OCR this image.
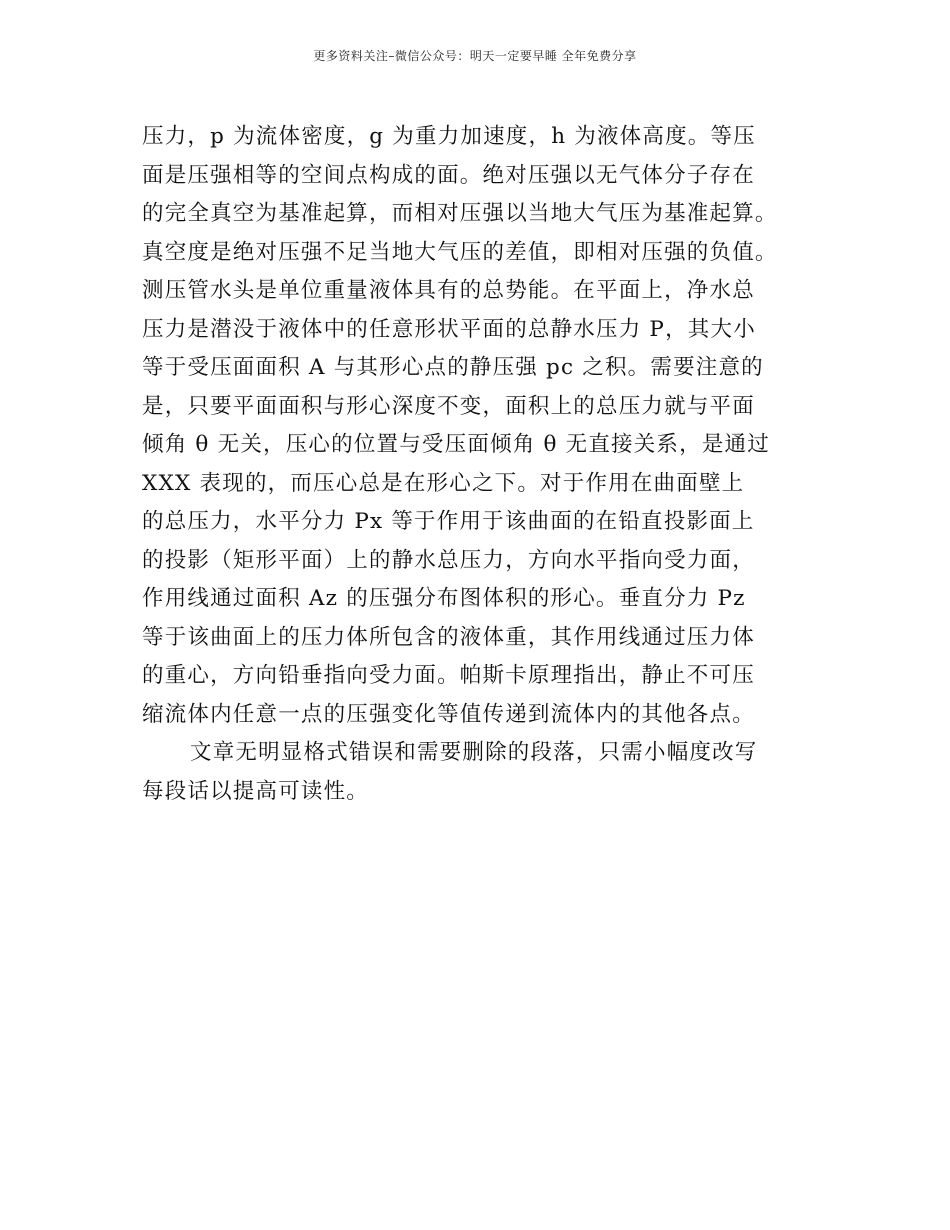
更多资料关注–微信公众号：明天一定要早睡 全年免费分享
压力，p 为流体密度，g 为重力加速度，h 为液体高度。等压
面是压强相等的空间点构成的面。绝对压强以无气体分子存在
的完全真空为基准起算，而相对压强以当地大气压为基准起算。
真空度是绝对压强不足当地大气压的差值，即相对压强的负值。
测压管水头是单位重量液体具有的总势能。在平面上，净水总
压力是潜没于液体中的任意形状平面的总静水压力 P，其大小
等于受压面面积 A 与其形心点的静压强 pc 之积。需要注意的
是，只要平面面积与形心深度不变，面积上的总压力就与平面
倾角 θ 无关，压心的位置与受压面倾角 θ 无直接关系，是通过
XXX 表现的，而压心总是在形心之下。对于作用在曲面壁上
的总压力，水平分力 Px 等于作用于该曲面的在铅直投影面上
的投影（矩形平面）上的静水总压力，方向水平指向受力面，
作用线通过面积 Az 的压强分布图体积的形心。垂直分力 Pz
等于该曲面上的压力体所包含的液体重，其作用线通过压力体
的重心，方向铅垂指向受力面。帕斯卡原理指出，静止不可压
缩流体内任意一点的压强变化等值传递到流体内的其他各点。
文章无明显格式错误和需要删除的段落，只需小幅度改写
每段话以提高可读性。
